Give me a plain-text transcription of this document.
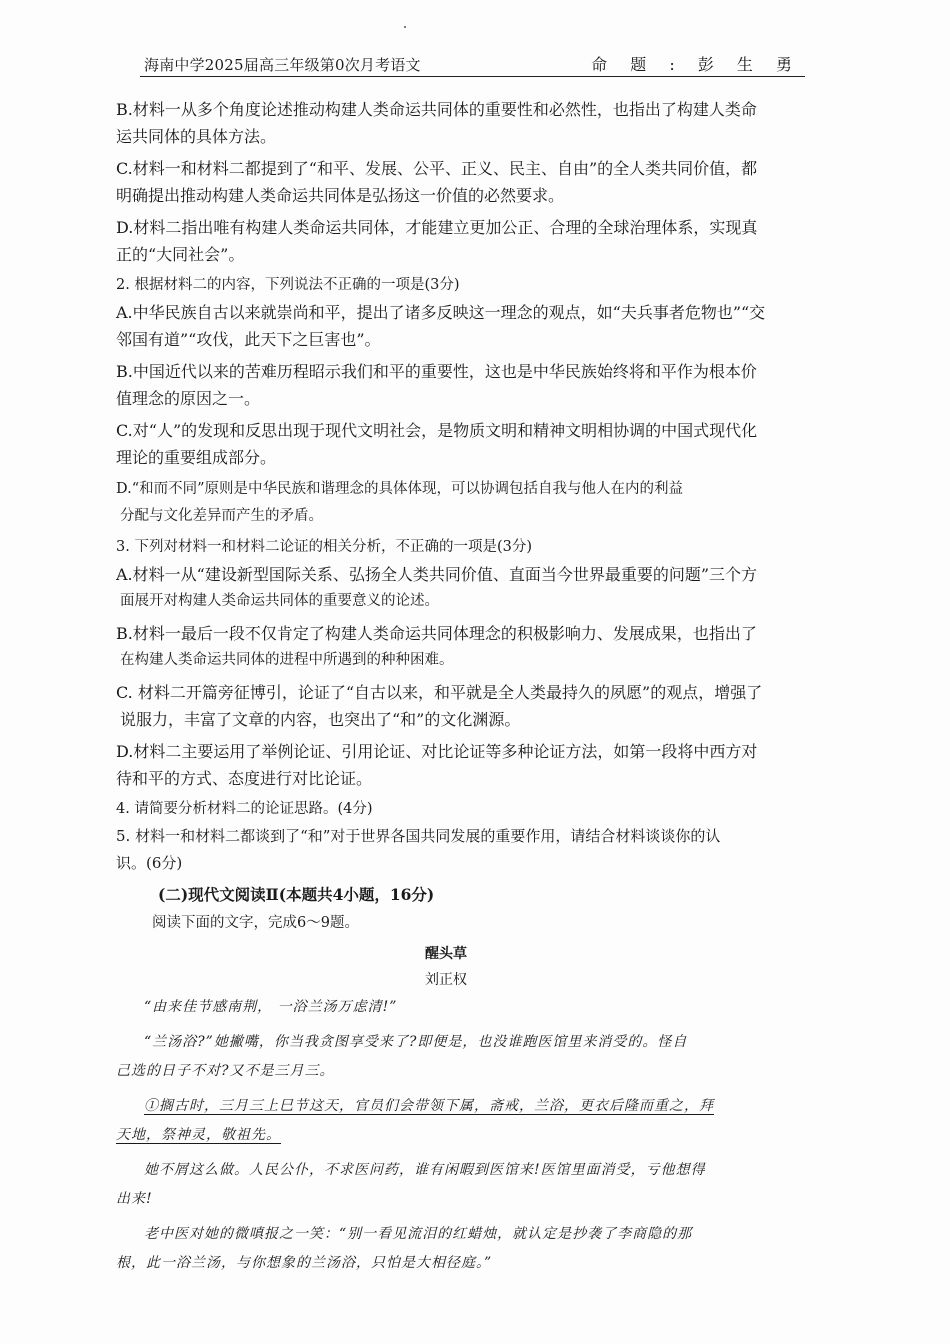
海南中学2025届高三年级第0次月考语文	命 题 : 彭 生 勇
B.材料一从多个角度论述推动构建人类命运共同体的重要性和必然性，也指出了构建人类命
运共同体的具体方法。
C.材料一和材料二都提到了“和平、发展、公平、正义、民主、自由”的全人类共同价值，都
明确提出推动构建人类命运共同体是弘扬这一价值的必然要求。
D.材料二指出唯有构建人类命运共同体，才能建立更加公正、合理的全球治理体系，实现真
正的“大同社会”。
2. 根据材料二的内容，下列说法不正确的一项是(3分)
A.中华民族自古以来就崇尚和平，提出了诸多反映这一理念的观点，如“夫兵事者危物也”“交
邻国有道”“攻伐，此天下之巨害也”。
B.中国近代以来的苦难历程昭示我们和平的重要性，这也是中华民族始终将和平作为根本价
值理念的原因之一。
C.对“人”的发现和反思出现于现代文明社会，是物质文明和精神文明相协调的中国式现代化
理论的重要组成部分。
D.“和而不同”原则是中华民族和谐理念的具体体现，可以协调包括自我与他人在内的利益
分配与文化差异而产生的矛盾。
3. 下列对材料一和材料二论证的相关分析，不正确的一项是(3分)
A.材料一从“建设新型国际关系、弘扬全人类共同价值、直面当今世界最重要的问题”三个方
面展开对构建人类命运共同体的重要意义的论述。
B.材料一最后一段不仅肯定了构建人类命运共同体理念的积极影响力、发展成果，也指出了
在构建人类命运共同体的进程中所遇到的种种困难。
C. 材料二开篇旁征博引，论证了“自古以来，和平就是全人类最持久的夙愿”的观点，增强了
说服力，丰富了文章的内容，也突出了“和”的文化渊源。
D.材料二主要运用了举例论证、引用论证、对比论证等多种论证方法，如第一段将中西方对
待和平的方式、态度进行对比论证。
4. 请简要分析材料二的论证思路。(4分)
5. 材料一和材料二都谈到了“和”对于世界各国共同发展的重要作用，请结合材料谈谈你的认
识。(6分)
(二)现代文阅读Ⅱ(本题共4小题，16分)
阅读下面的文字，完成6～9题。
醒头草
刘正权
“由来佳节感南荆， 一浴兰汤万虑清!”
“兰汤浴?”她撇嘴，你当我贪图享受来了?即便是，也没谁跑医馆里来消受的。怪自
己选的日子不对?又不是三月三。
①搁古时，三月三上巳节这天，官员们会带领下属，斋戒，兰浴，更衣后隆而重之，拜
天地，祭神灵，敬祖先。
她不屑这么做。人民公仆，不求医问药，谁有闲暇到医馆来!医馆里面消受，亏他想得
出来!
老中医对她的微嗔报之一笑：“别一看见流泪的红蜡烛，就认定是抄袭了李商隐的那
根，此一浴兰汤，与你想象的兰汤浴，只怕是大相径庭。”
